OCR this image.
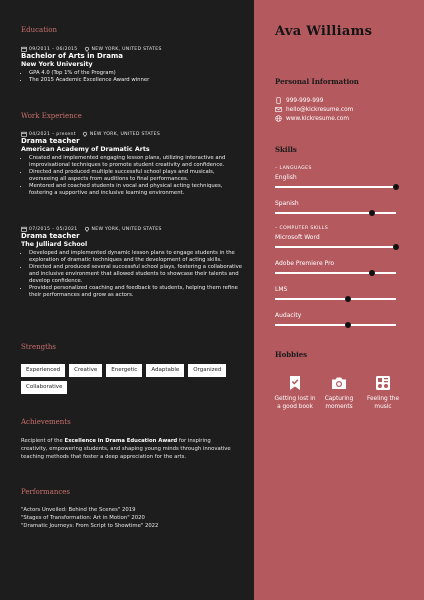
Education
09/2011 – 06/2015	NEW YORK, UNITED STATES
Bachelor of Arts in Drama
New York University
• GPA 4.0 (Top 1% of the Program)
• The 2015 Academic Excellence Award winner
Work Experience
04/2021 – present	NEW YORK, UNITED STATES
Drama teacher
American Academy of Dramatic Arts
• Created and implemented engaging lesson plans, utilizing interactive and improvisational techniques to promote student creativity and confidence.
• Directed and produced multiple successful school plays and musicals, overseeing all aspects from auditions to final performances.
• Mentored and coached students in vocal and physical acting techniques, fostering a supportive and inclusive learning environment.
07/2015 – 05/2021	NEW YORK, UNITED STATES
Drama teacher
The Julliard School
• Developed and implemented dynamic lesson plans to engage students in the exploration of dramatic techniques and the development of acting skills.
• Directed and produced several successful school plays, fostering a collaborative and inclusive environment that allowed students to showcase their talents and develop confidence.
• Provided personalized coaching and feedback to students, helping them refine their performances and grow as actors.
Strengths
Experienced	Creative	Energetic	Adaptable	Organized
Collaborative
Achievements
Recipient of the Excellence in Drama Education Award for inspiring creativity, empowering students, and shaping young minds through innovative teaching methods that foster a deep appreciation for the arts.
Performances
"Actors Unveiled: Behind the Scenes" 2019
"Stages of Transformation: Art in Motion" 2020
"Dramatic Journeys: From Script to Showtime" 2022
Ava Williams
Personal Information
999-999-999
hello@kickresume.com
www.kickresume.com
Skills
– LANGUAGES
English
Spanish
– COMPUTER SKILLS
Microsoft Word
Adobe Premiere Pro
LMS
Audacity
Hobbies
Getting lost in a good book
Capturing moments
Feeling the music
